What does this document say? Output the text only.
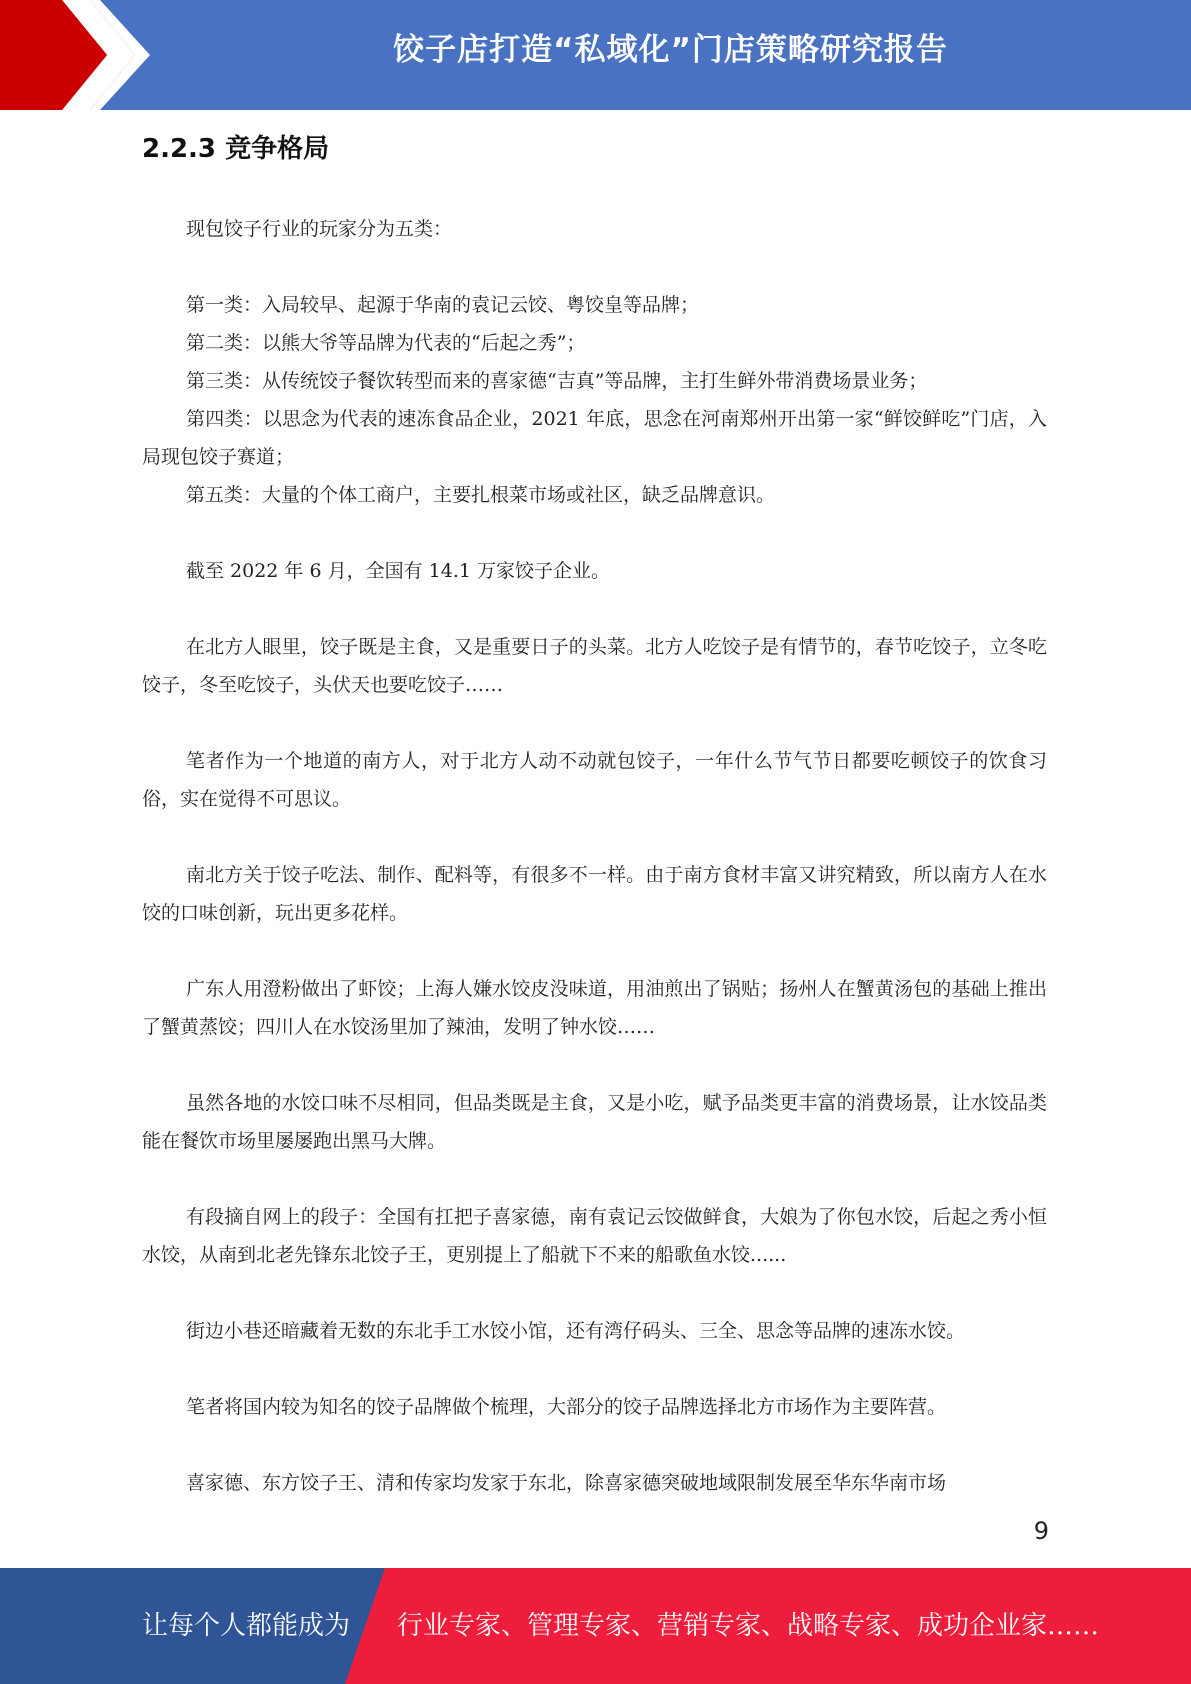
饺子店打造“私域化”门店策略研究报告
2.2.3 竞争格局

现包饺子行业的玩家分为五类：

第一类：入局较早、起源于华南的袁记云饺、粤饺皇等品牌；

第二类：以熊大爷等品牌为代表的“后起之秀”；

第三类：从传统饺子餐饮转型而来的喜家德“吉真”等品牌，主打生鲜外带消费场景业务；

第四类：以思念为代表的速冻食品企业，2021 年底，思念在河南郑州开出第一家“鲜饺鲜吃”门店，入局现包饺子赛道；

第五类：大量的个体工商户，主要扎根菜市场或社区，缺乏品牌意识。

截至 2022 年 6 月，全国有 14.1 万家饺子企业。

在北方人眼里，饺子既是主食，又是重要日子的头菜。北方人吃饺子是有情节的，春节吃饺子，立冬吃饺子，冬至吃饺子，头伏天也要吃饺子……

笔者作为一个地道的南方人，对于北方人动不动就包饺子，一年什么节气节日都要吃顿饺子的饮食习俗，实在觉得不可思议。

南北方关于饺子吃法、制作、配料等，有很多不一样。由于南方食材丰富又讲究精致，所以南方人在水饺的口味创新，玩出更多花样。

广东人用澄粉做出了虾饺；上海人嫌水饺皮没味道，用油煎出了锅贴；扬州人在蟹黄汤包的基础上推出了蟹黄蒸饺；四川人在水饺汤里加了辣油，发明了钟水饺……

虽然各地的水饺口味不尽相同，但品类既是主食，又是小吃，赋予品类更丰富的消费场景，让水饺品类能在餐饮市场里屡屡跑出黑马大牌。

有段摘自网上的段子：全国有扛把子喜家德，南有袁记云饺做鲜食，大娘为了你包水饺，后起之秀小恒水饺，从南到北老先锋东北饺子王，更别提上了船就下不来的船歌鱼水饺......

街边小巷还暗藏着无数的东北手工水饺小馆，还有湾仔码头、三全、思念等品牌的速冻水饺。

笔者将国内较为知名的饺子品牌做个梳理，大部分的饺子品牌选择北方市场作为主要阵营。

喜家德、东方饺子王、清和传家均发家于东北，除喜家德突破地域限制发展至华东华南市场

9
让每个人都能成为 行业专家、管理专家、营销专家、战略专家、成功企业家……
